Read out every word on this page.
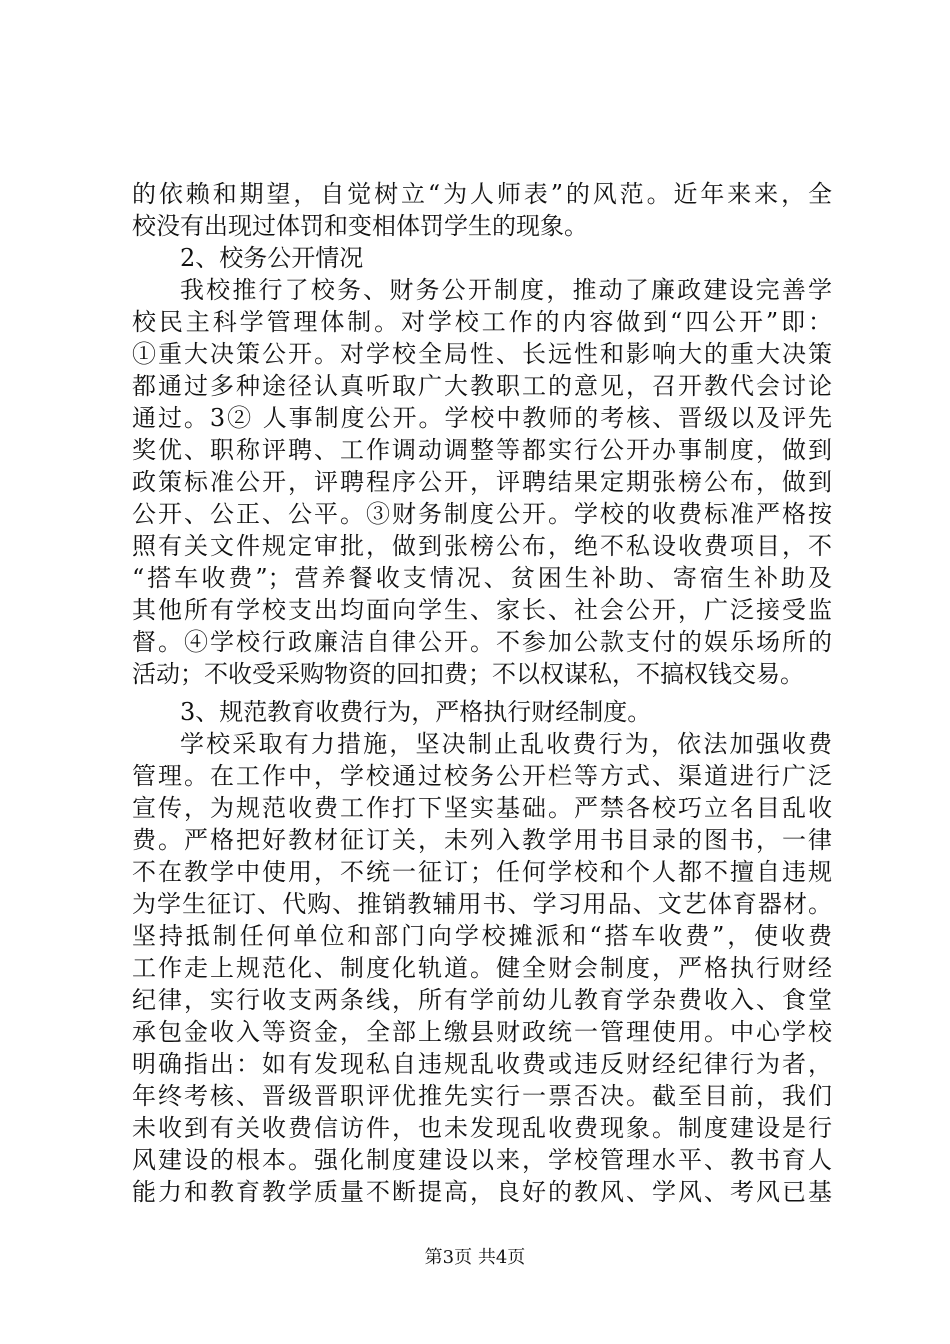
的依赖和期望，自觉树立“为人师表”的风范。近年来来，全
校没有出现过体罚和变相体罚学生的现象。
2、校务公开情况
我校推行了校务、财务公开制度，推动了廉政建设完善学
校民主科学管理体制。对学校工作的内容做到“四公开”即：
①重大决策公开。对学校全局性、长远性和影响大的重大决策
都通过多种途径认真听取广大教职工的意见，召开教代会讨论
通过。3② 人事制度公开。学校中教师的考核、晋级以及评先
奖优、职称评聘、工作调动调整等都实行公开办事制度，做到
政策标准公开，评聘程序公开，评聘结果定期张榜公布，做到
公开、公正、公平。③财务制度公开。学校的收费标准严格按
照有关文件规定审批，做到张榜公布，绝不私设收费项目，不
“搭车收费”；营养餐收支情况、贫困生补助、寄宿生补助及
其他所有学校支出均面向学生、家长、社会公开，广泛接受监
督。④学校行政廉洁自律公开。不参加公款支付的娱乐场所的
活动；不收受采购物资的回扣费；不以权谋私，不搞权钱交易。
3、规范教育收费行为，严格执行财经制度。
学校采取有力措施，坚决制止乱收费行为，依法加强收费
管理。在工作中，学校通过校务公开栏等方式、渠道进行广泛
宣传，为规范收费工作打下坚实基础。严禁各校巧立名目乱收
费。严格把好教材征订关，未列入教学用书目录的图书，一律
不在教学中使用，不统一征订；任何学校和个人都不擅自违规
为学生征订、代购、推销教辅用书、学习用品、文艺体育器材。
坚持抵制任何单位和部门向学校摊派和“搭车收费”，使收费
工作走上规范化、制度化轨道。健全财会制度，严格执行财经
纪律，实行收支两条线，所有学前幼儿教育学杂费收入、食堂
承包金收入等资金，全部上缴县财政统一管理使用。中心学校
明确指出：如有发现私自违规乱收费或违反财经纪律行为者，
年终考核、晋级晋职评优推先实行一票否决。截至目前，我们
未收到有关收费信访件，也未发现乱收费现象。制度建设是行
风建设的根本。强化制度建设以来，学校管理水平、教书育人
能力和教育教学质量不断提高，良好的教风、学风、考风已基
第3页 共4页
